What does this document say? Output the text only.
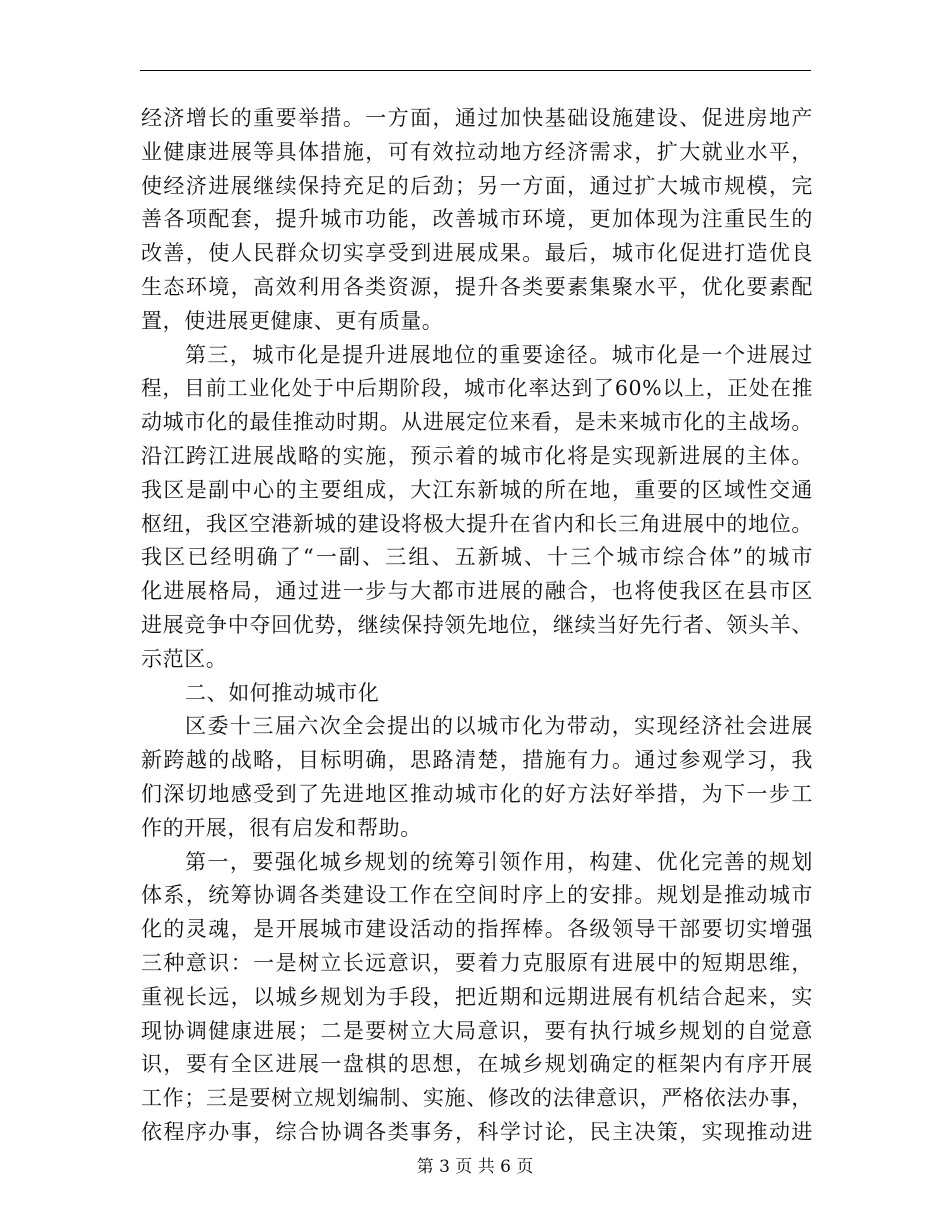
经济增长的重要举措。一方面，通过加快基础设施建设、促进房地产
业健康进展等具体措施，可有效拉动地方经济需求，扩大就业水平，
使经济进展继续保持充足的后劲；另一方面，通过扩大城市规模，完
善各项配套，提升城市功能，改善城市环境，更加体现为注重民生的
改善，使人民群众切实享受到进展成果。最后，城市化促进打造优良
生态环境，高效利用各类资源，提升各类要素集聚水平，优化要素配
置，使进展更健康、更有质量。
第三，城市化是提升进展地位的重要途径。城市化是一个进展过
程，目前工业化处于中后期阶段，城市化率达到了60%以上，正处在推
动城市化的最佳推动时期。从进展定位来看，是未来城市化的主战场。
沿江跨江进展战略的实施，预示着的城市化将是实现新进展的主体。
我区是副中心的主要组成，大江东新城的所在地，重要的区域性交通
枢纽，我区空港新城的建设将极大提升在省内和长三角进展中的地位。
我区已经明确了“一副、三组、五新城、十三个城市综合体”的城市
化进展格局，通过进一步与大都市进展的融合，也将使我区在县市区
进展竞争中夺回优势，继续保持领先地位，继续当好先行者、领头羊、
示范区。
二、如何推动城市化
区委十三届六次全会提出的以城市化为带动，实现经济社会进展
新跨越的战略，目标明确，思路清楚，措施有力。通过参观学习，我
们深切地感受到了先进地区推动城市化的好方法好举措，为下一步工
作的开展，很有启发和帮助。
第一，要强化城乡规划的统筹引领作用，构建、优化完善的规划
体系，统筹协调各类建设工作在空间时序上的安排。规划是推动城市
化的灵魂，是开展城市建设活动的指挥棒。各级领导干部要切实增强
三种意识：一是树立长远意识，要着力克服原有进展中的短期思维，
重视长远，以城乡规划为手段，把近期和远期进展有机结合起来，实
现协调健康进展；二是要树立大局意识，要有执行城乡规划的自觉意
识，要有全区进展一盘棋的思想，在城乡规划确定的框架内有序开展
工作；三是要树立规划编制、实施、修改的法律意识，严格依法办事，
依程序办事，综合协调各类事务，科学讨论，民主决策，实现推动进
第 3 页 共 6 页
